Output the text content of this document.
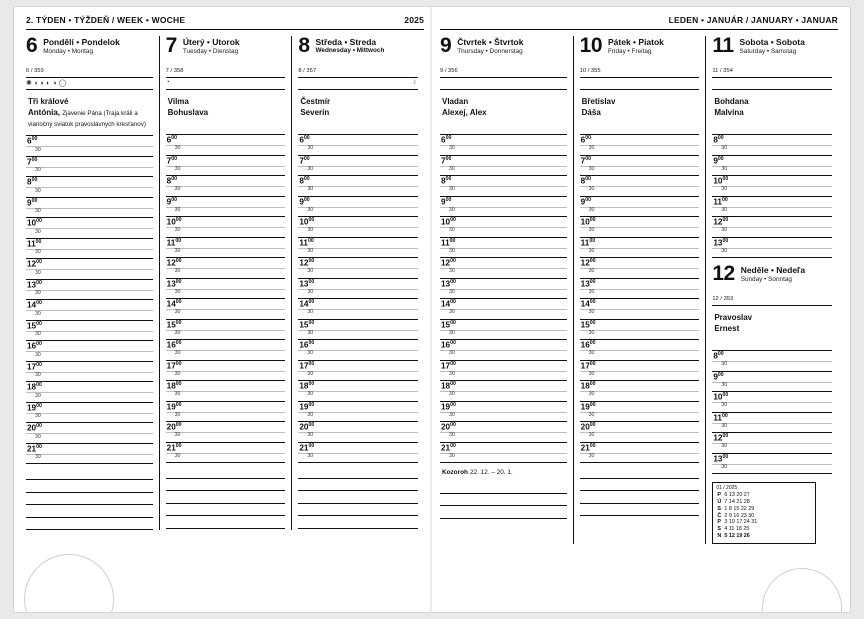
2. TÝDEN • TÝŽDEŇ / WEEK • WOCHE	2025
6 Pondělí • Pondelok
Monday • Montag
6 / 359
✺ ◖ ◗ ◐ ◑ ◯
Tři králové
Antónia, Zjavenie Pána (Traja králi a vianočný sviatok pravoslávnych kresťanov)
$6^{00}$
30
$7^{00}$
30
$8^{00}$
30
$9^{00}$
30
$10^{00}$
30
$11^{00}$
30
$12^{00}$
30
$13^{00}$
30
$14^{00}$
30
$15^{00}$
30
$16^{00}$
30
$17^{00}$
30
$18^{00}$
30
$19^{00}$
30
$20^{00}$
30
$21^{00}$
30
7 Úterý • Utorok
Tuesday • Dienstag
7 / 358
◔
Vilma
Bohuslava
$6^{00}$
30
$7^{00}$
30
$8^{00}$
30
$9^{00}$
30
$10^{00}$
30
$11^{00}$
30
$12^{00}$
30
$13^{00}$
30
$14^{00}$
30
$15^{00}$
30
$16^{00}$
30
$17^{00}$
30
$18^{00}$
30
$19^{00}$
30
$20^{00}$
30
$21^{00}$
30
8 Středa • Streda
Wednesday • Mittwoch
8 / 357
☽
Čestmír
Severín
$6^{00}$
30
$7^{00}$
30
$8^{00}$
30
$9^{00}$
30
$10^{00}$
30
$11^{00}$
30
$12^{00}$
30
$13^{00}$
30
$14^{00}$
30
$15^{00}$
30
$16^{00}$
30
$17^{00}$
30
$18^{00}$
30
$19^{00}$
30
$20^{00}$
30
$21^{00}$
30
LEDEN • JANUÁR / JANUARY • JANUAR
9 Čtvrtek • Štvrtok
Thursday • Donnerstag
9 / 356
Vladan
Alexej, Alex
$6^{00}$
30
$7^{00}$
30
$8^{00}$
30
$9^{00}$
30
$10^{00}$
30
$11^{00}$
30
$12^{00}$
30
$13^{00}$
30
$14^{00}$
30
$15^{00}$
30
$16^{00}$
30
$17^{00}$
30
$18^{00}$
30
$19^{00}$
30
$20^{00}$
30
$21^{00}$
30
Kozoroh 22. 12. – 20. 1.
10 Pátek • Piatok
Friday • Freitag
10 / 355
Břetislav
Dáša
$6^{00}$
30
$7^{00}$
30
$8^{00}$
30
$9^{00}$
30
$10^{00}$
30
$11^{00}$
30
$12^{00}$
30
$13^{00}$
30
$14^{00}$
30
$15^{00}$
30
$16^{00}$
30
$17^{00}$
30
$18^{00}$
30
$19^{00}$
30
$20^{00}$
30
$21^{00}$
30
11 Sobota • Sobota
Saturday • Samstag
11 / 354
Bohdana
Malvína
$8^{00}$
30
$9^{00}$
30
$10^{00}$
30
$11^{00}$
30
$12^{00}$
30
$13^{00}$
30
12 Neděle • Nedeľa
Sunday • Sonntag
12 / 353
Pravoslav
Ernest
$8^{00}$
30
$9^{00}$
30
$10^{00}$
30
$11^{00}$
30
$12^{00}$
30
$13^{00}$
30
01 / 2025
P	6 13 20 27
Ú	7 14 21 28
S	1 8 15 22 29
Č	2 9 16 23 30
P	3 10 17 24 31
S	4 11 18 25
N	5 12 19 26
